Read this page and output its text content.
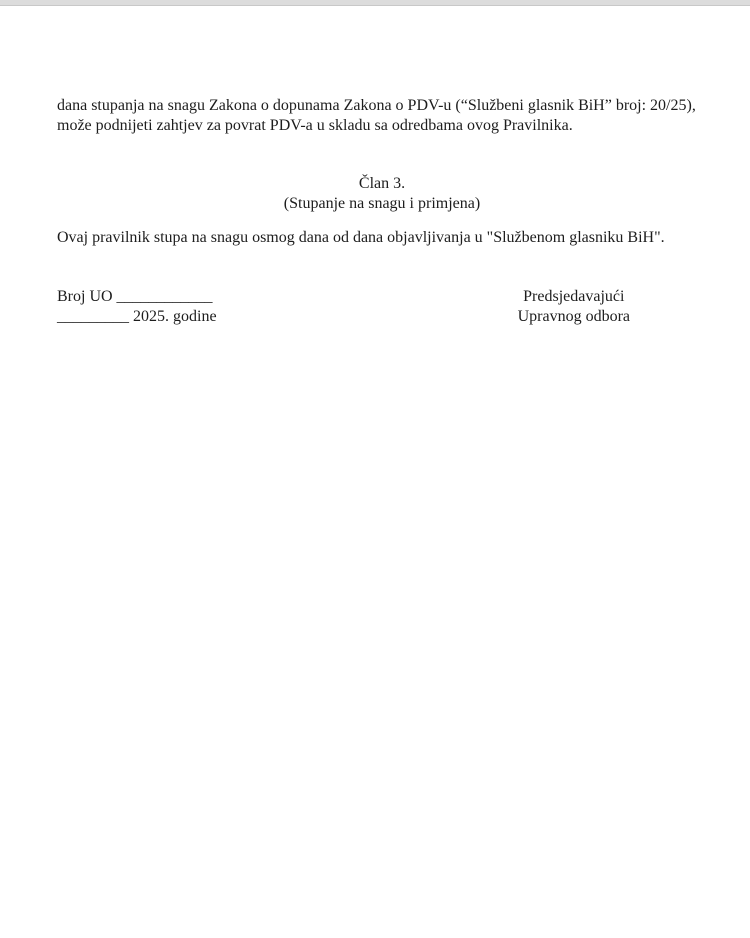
dana stupanja na snagu Zakona o dopunama Zakona o PDV-u (“Službeni glasnik BiH” broj: 20/25),
može podnijeti zahtjev za povrat PDV-a u skladu sa odredbama ovog Pravilnika.
Član 3.
(Stupanje na snagu i primjena)
Ovaj pravilnik stupa na snagu osmog dana od dana objavljivanja u "Službenom glasniku BiH".
Broj UO ____________
_________ 2025. godine
Predsjedavajući
Upravnog odbora
